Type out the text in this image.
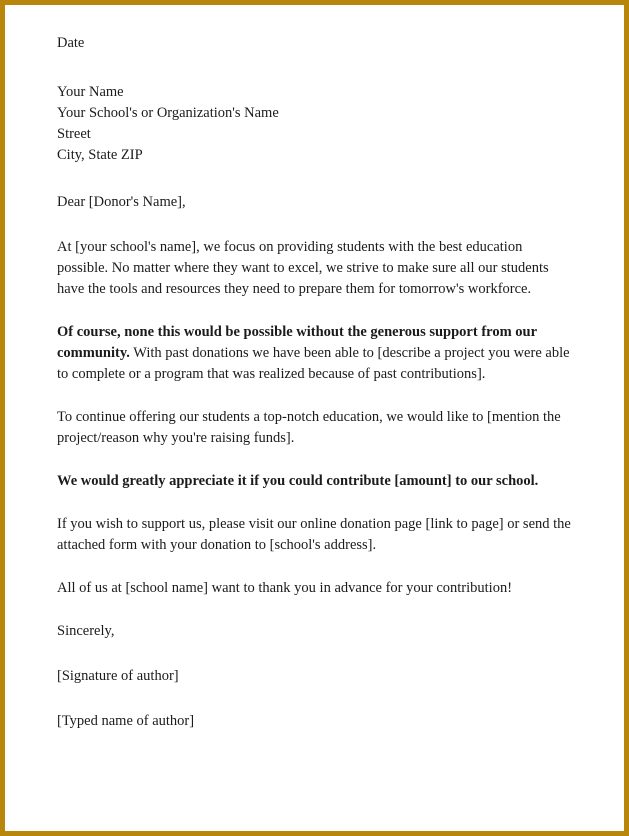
Date
Your Name
Your School's or Organization's Name
Street
City, State ZIP
Dear [Donor's Name],

At [your school's name], we focus on providing students with the best education possible. No matter where they want to excel, we strive to make sure all our students have the tools and resources they need to prepare them for tomorrow's workforce.

Of course, none this would be possible without the generous support from our community. With past donations we have been able to [describe a project you were able to complete or a program that was realized because of past contributions].

To continue offering our students a top-notch education, we would like to [mention the project/reason why you're raising funds].

We would greatly appreciate it if you could contribute [amount] to our school.

If you wish to support us, please visit our online donation page [link to page] or send the attached form with your donation to [school's address].

All of us at [school name] want to thank you in advance for your contribution!

Sincerely,

[Signature of author]

[Typed name of author]
